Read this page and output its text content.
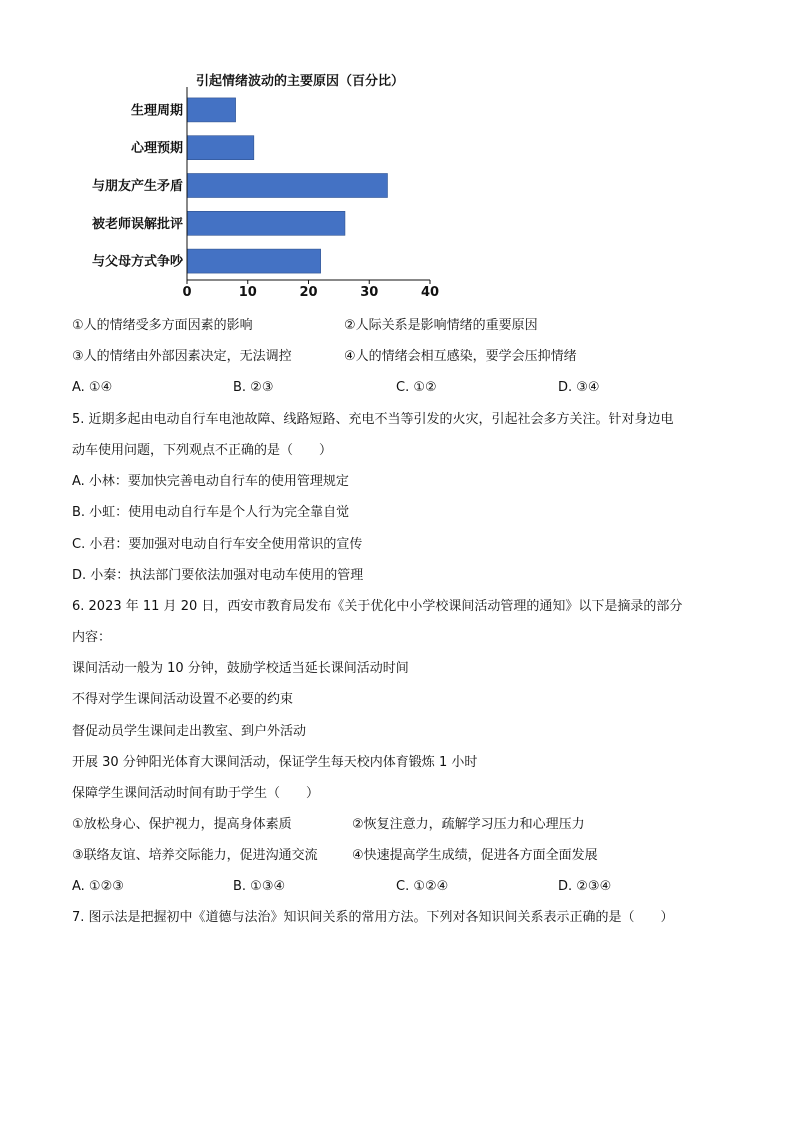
引起情绪波动的主要原因（百分比）
生理周期
心理预期
与朋友产生矛盾
被老师误解批评
与父母方式争吵
0	10	20	30	40
①人的情绪受多方面因素的影响	②人际关系是影响情绪的重要原因
③人的情绪由外部因素决定，无法调控	④人的情绪会相互感染，要学会压抑情绪
A. ①④	B. ②③	C. ①②	D. ③④
5. 近期多起由电动自行车电池故障、线路短路、充电不当等引发的火灾，引起社会多方关注。针对身边电
动车使用问题，下列观点不正确的是（　　）
A. 小林：要加快完善电动自行车的使用管理规定
B. 小虹：使用电动自行车是个人行为完全靠自觉
C. 小君：要加强对电动自行车安全使用常识的宣传
D. 小秦：执法部门要依法加强对电动车使用的管理
6. 2023 年 11 月 20 日，西安市教育局发布《关于优化中小学校课间活动管理的通知》以下是摘录的部分
内容：
课间活动一般为 10 分钟，鼓励学校适当延长课间活动时间
不得对学生课间活动设置不必要的约束
督促动员学生课间走出教室、到户外活动
开展 30 分钟阳光体育大课间活动，保证学生每天校内体育锻炼 1 小时
保障学生课间活动时间有助于学生（　　）
①放松身心、保护视力，提高身体素质	②恢复注意力，疏解学习压力和心理压力
③联络友谊、培养交际能力，促进沟通交流	④快速提高学生成绩，促进各方面全面发展
A. ①②③	B. ①③④	C. ①②④	D. ②③④
7. 图示法是把握初中《道德与法治》知识间关系的常用方法。下列对各知识间关系表示正确的是（　　）
